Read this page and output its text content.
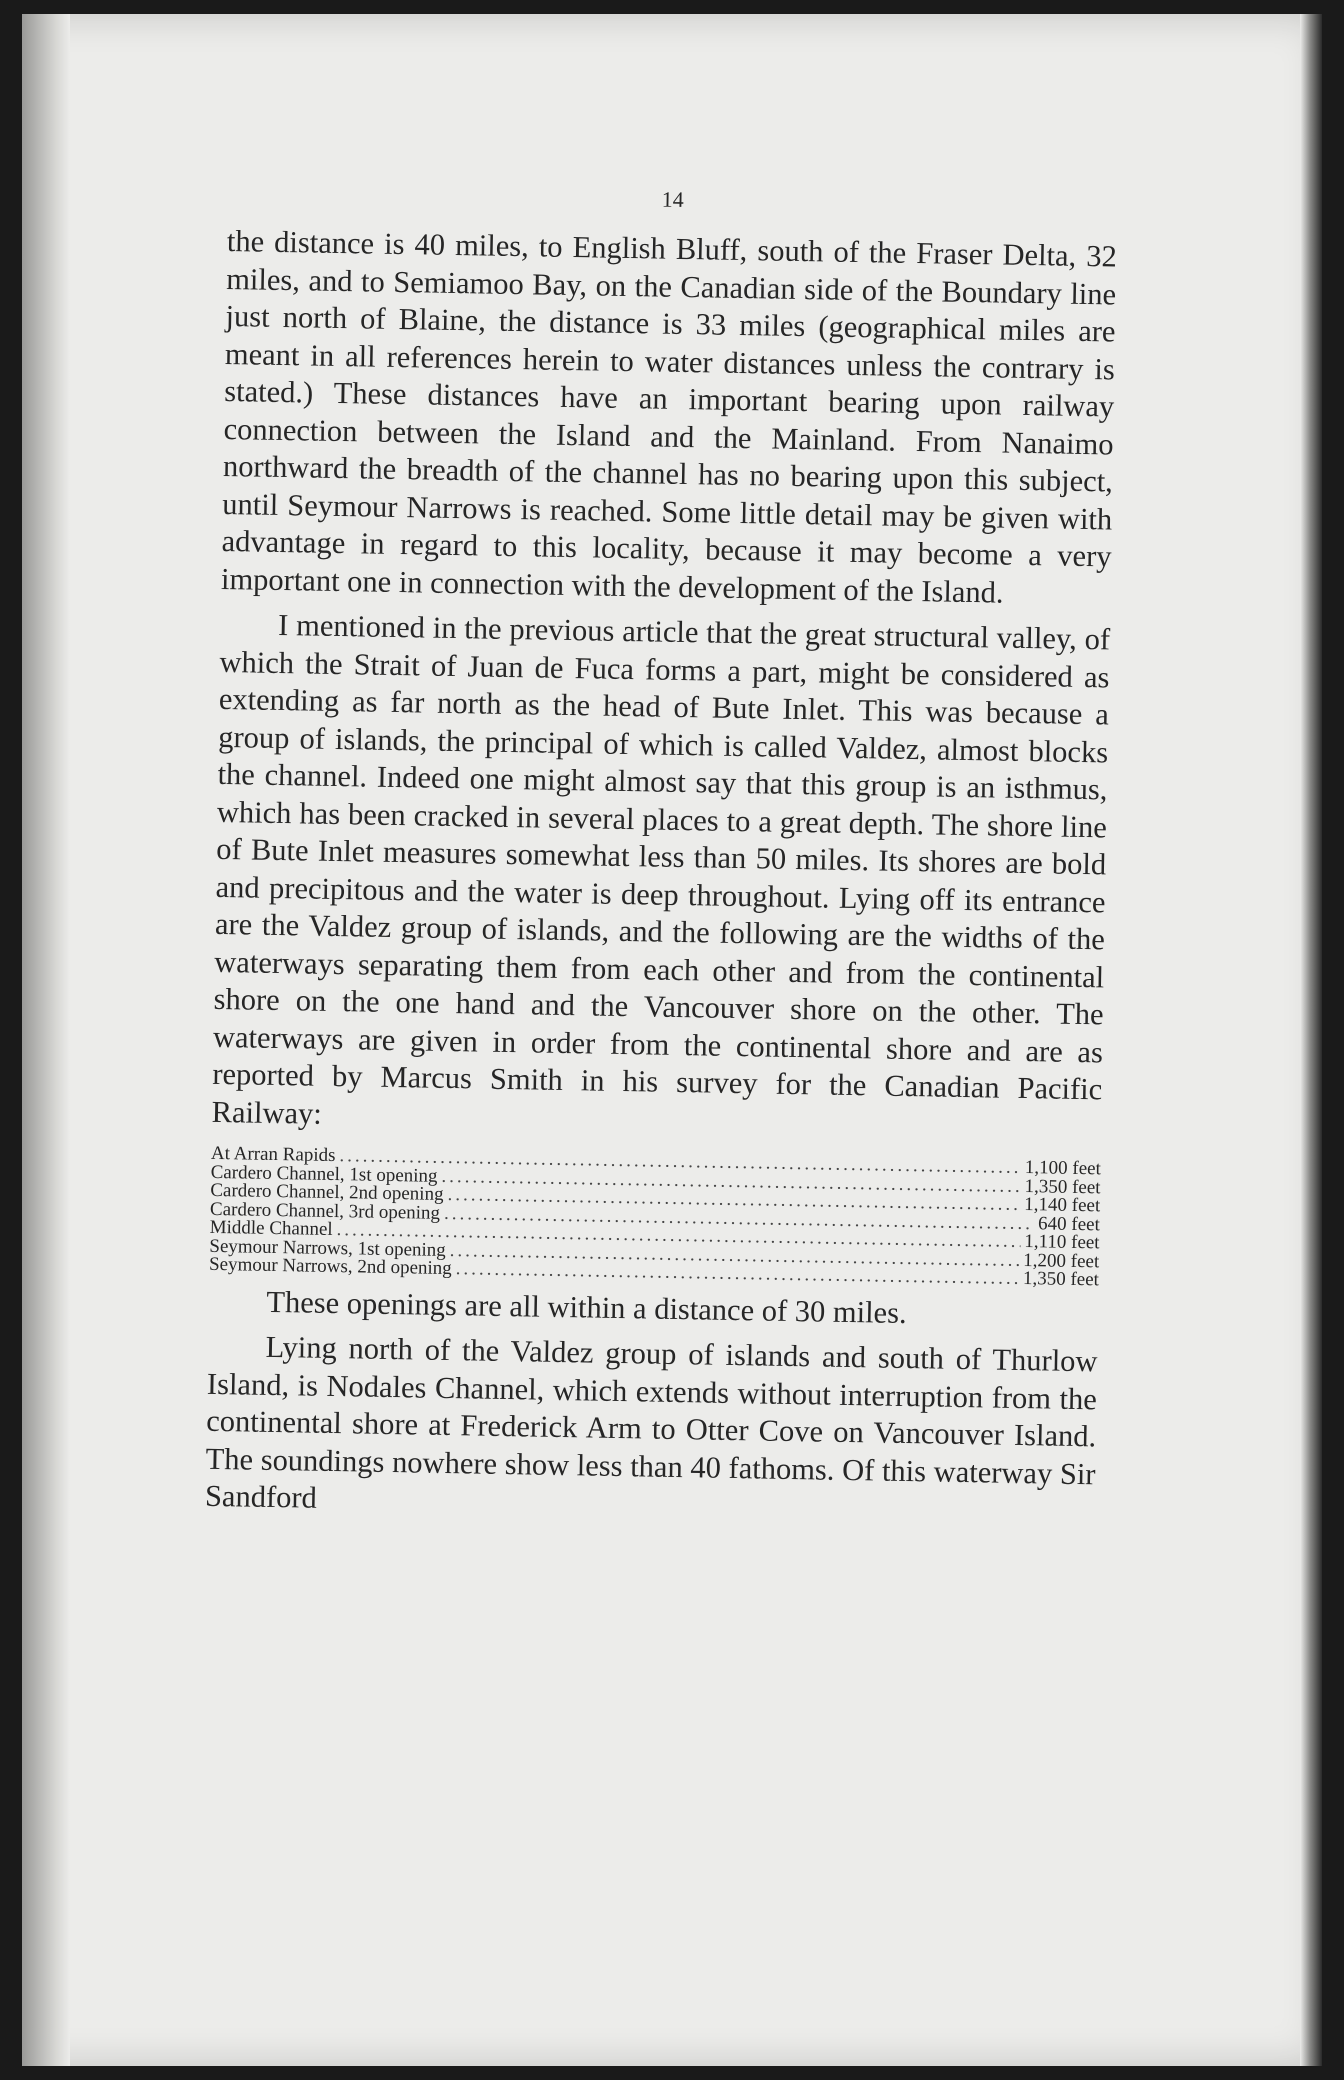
14

the distance is 40 miles, to English Bluff, south of the Fraser Delta, 32 miles, and to Semiamoo Bay, on the Canadian side of the Boundary line just north of Blaine, the distance is 33 miles (geographical miles are meant in all references herein to water distances unless the contrary is stated.) These distances have an important bearing upon railway connection between the Island and the Mainland. From Nanaimo northward the breadth of the channel has no bearing upon this subject, until Seymour Narrows is reached. Some little detail may be given with advantage in regard to this locality, because it may become a very important one in connection with the development of the Island.

I mentioned in the previous article that the great structural valley, of which the Strait of Juan de Fuca forms a part, might be considered as extending as far north as the head of Bute Inlet. This was because a group of islands, the principal of which is called Valdez, almost blocks the channel. Indeed one might almost say that this group is an isthmus, which has been cracked in several places to a great depth. The shore line of Bute Inlet measures somewhat less than 50 miles. Its shores are bold and precipitous and the water is deep throughout. Lying off its entrance are the Valdez group of islands, and the following are the widths of the waterways separating them from each other and from the continental shore on the one hand and the Vancouver shore on the other. The waterways are given in order from the continental shore and are as reported by Marcus Smith in his survey for the Canadian Pacific Railway:

At Arran Rapids
.....
1,100 feet
Cardero Channel, 1st opening
.....
1,350 feet
Cardero Channel, 2nd opening
.....
1,140 feet
Cardero Channel, 3rd opening
.....
640 feet
Middle Channel
.....
1,110 feet
Seymour Narrows, 1st opening
.....
1,200 feet
Seymour Narrows, 2nd opening
.....
1,350 feet

These openings are all within a distance of 30 miles.

Lying north of the Valdez group of islands and south of Thurlow Island, is Nodales Channel, which extends without interruption from the continental shore at Frederick Arm to Otter Cove on Vancouver Island. The soundings nowhere show less than 40 fathoms. Of this waterway Sir Sandford
